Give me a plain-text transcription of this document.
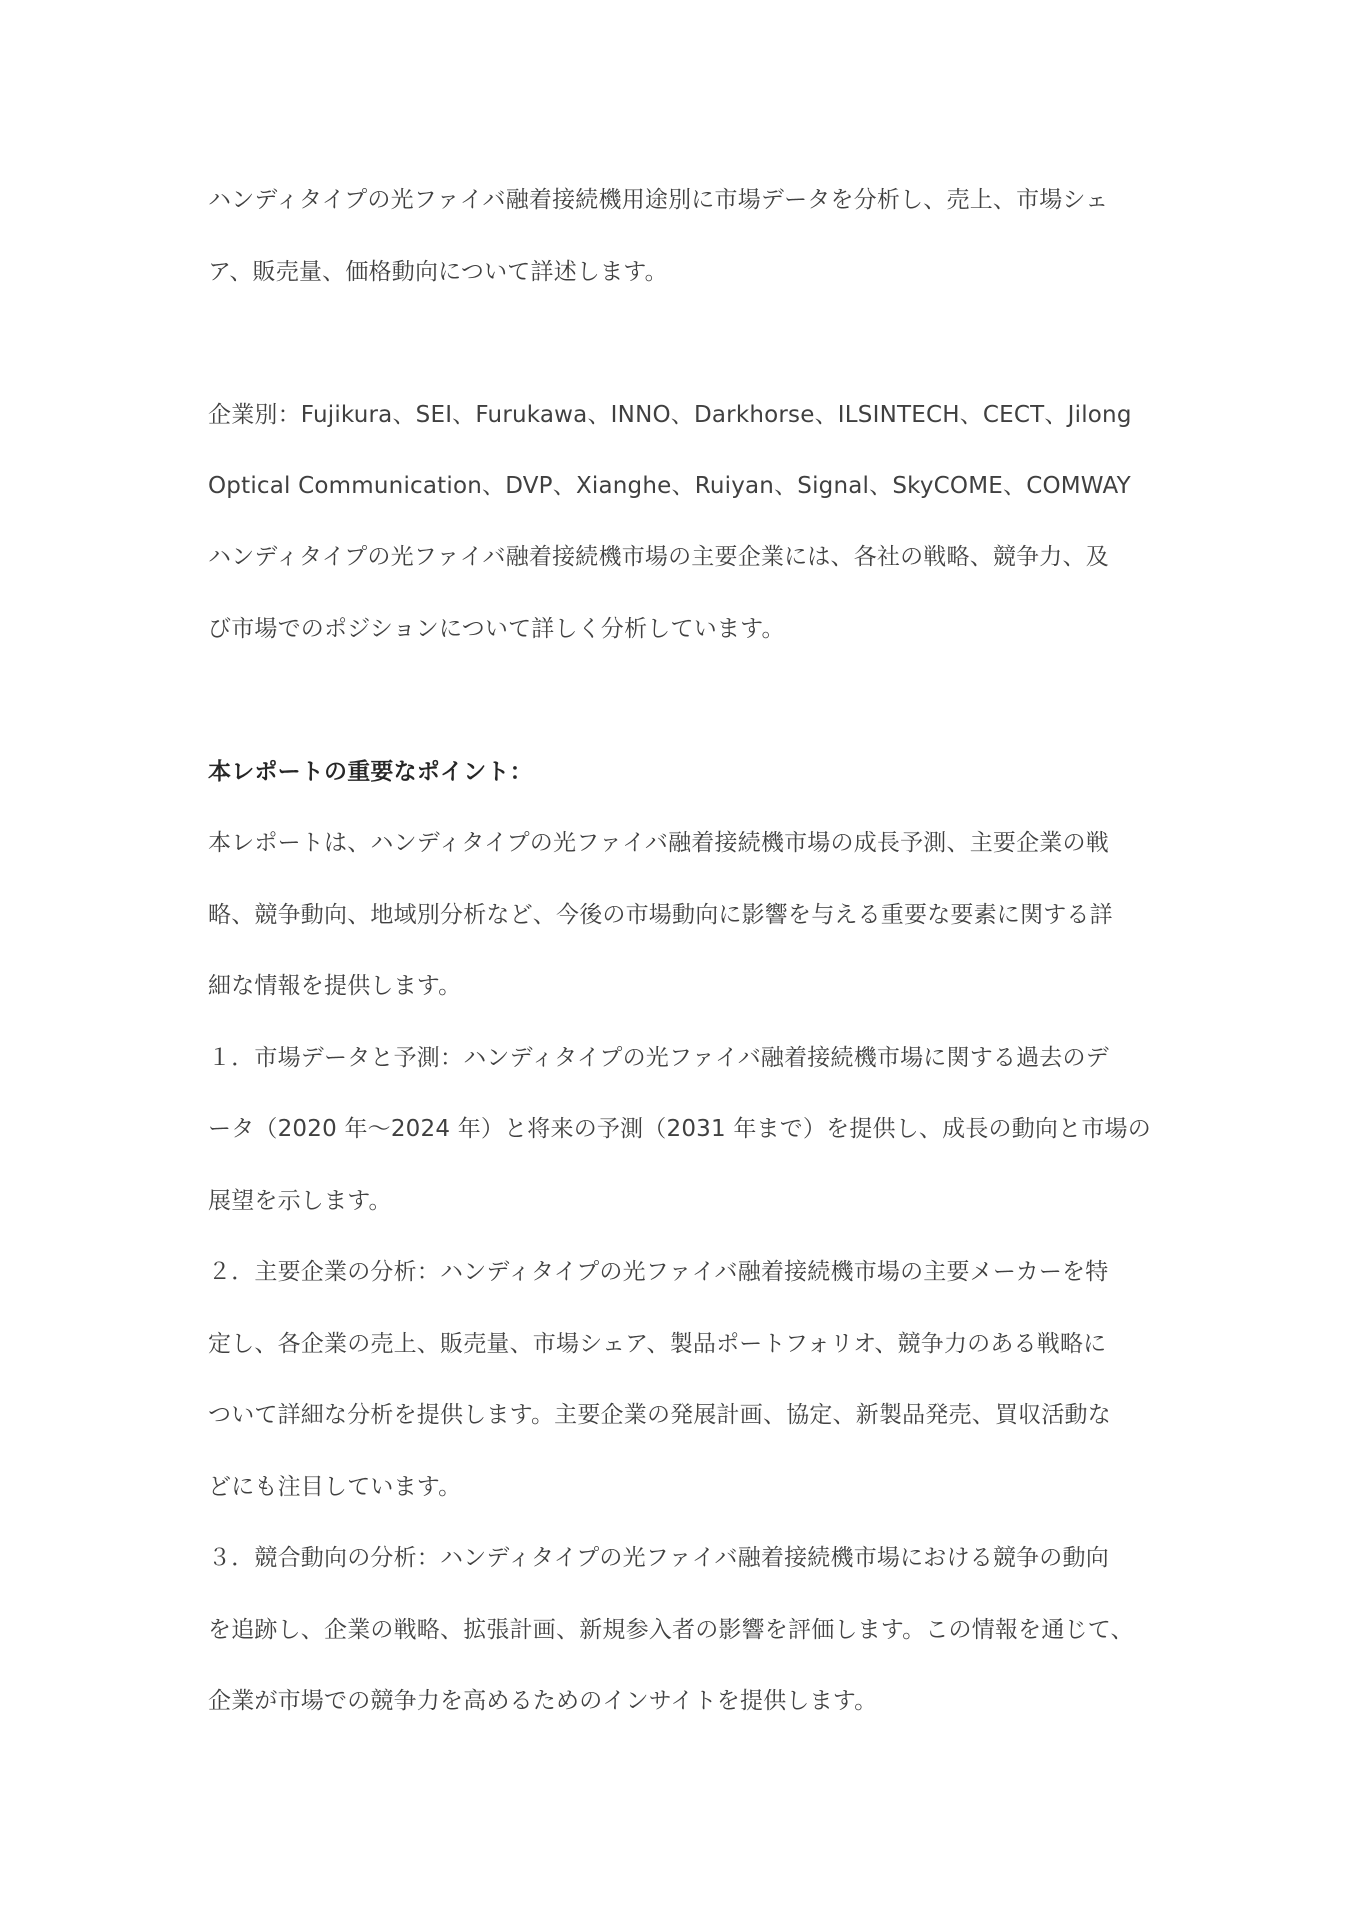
ハンディタイプの光ファイバ融着接続機用途別に市場データを分析し、売上、市場シェ
ア、販売量、価格動向について詳述します。
企業別：Fujikura、SEI、Furukawa、INNO、Darkhorse、ILSINTECH、CECT、Jilong
Optical Communication、DVP、Xianghe、Ruiyan、Signal、SkyCOME、COMWAY
ハンディタイプの光ファイバ融着接続機市場の主要企業には、各社の戦略、競争力、及
び市場でのポジションについて詳しく分析しています。
本レポートの重要なポイント：
本レポートは、ハンディタイプの光ファイバ融着接続機市場の成長予測、主要企業の戦
略、競争動向、地域別分析など、今後の市場動向に影響を与える重要な要素に関する詳
細な情報を提供します。
１．市場データと予測：ハンディタイプの光ファイバ融着接続機市場に関する過去のデ
ータ（2020 年～2024 年）と将来の予測（2031 年まで）を提供し、成長の動向と市場の
展望を示します。
２．主要企業の分析：ハンディタイプの光ファイバ融着接続機市場の主要メーカーを特
定し、各企業の売上、販売量、市場シェア、製品ポートフォリオ、競争力のある戦略に
ついて詳細な分析を提供します。主要企業の発展計画、協定、新製品発売、買収活動な
どにも注目しています。
３．競合動向の分析：ハンディタイプの光ファイバ融着接続機市場における競争の動向
を追跡し、企業の戦略、拡張計画、新規参入者の影響を評価します。この情報を通じて、
企業が市場での競争力を高めるためのインサイトを提供します。
